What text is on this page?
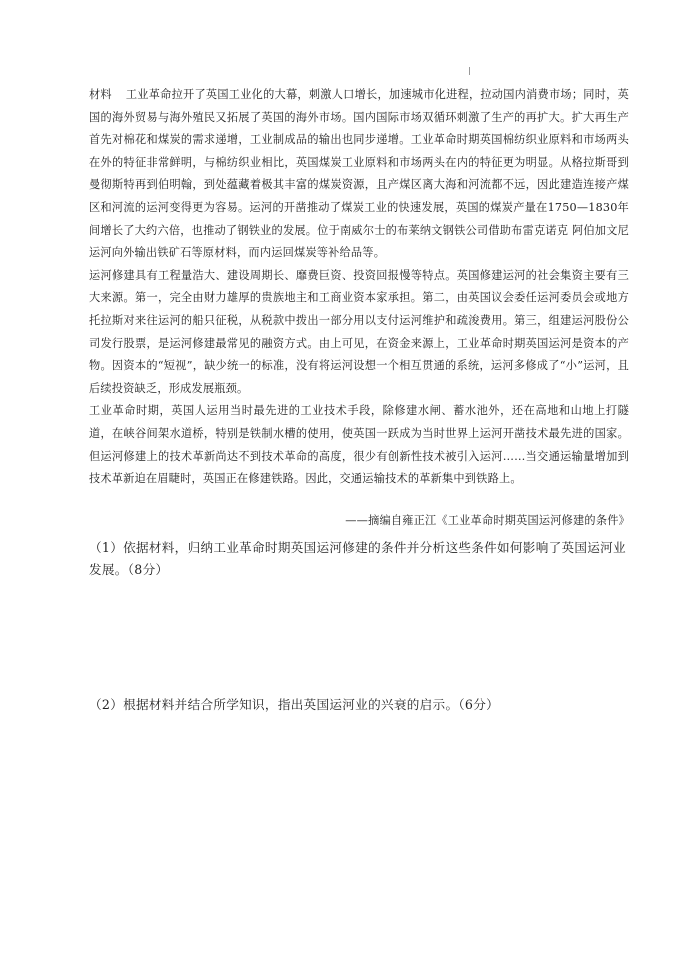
材料 工业革命拉开了英国工业化的大幕，刺激人口增长，加速城市化进程，拉动国内消费市场；同时，英国的海外贸易与海外殖民又拓展了英国的海外市场。国内国际市场双循环刺激了生产的再扩大。扩大再生产首先对棉花和煤炭的需求递增，工业制成品的输出也同步递增。工业革命时期英国棉纺织业原料和市场两头在外的特征非常鲜明，与棉纺织业相比，英国煤炭工业原料和市场两头在内的特征更为明显。从格拉斯哥到曼彻斯特再到伯明翰，到处蕴藏着极其丰富的煤炭资源，且产煤区离大海和河流都不远，因此建造连接产煤区和河流的运河变得更为容易。运河的开凿推动了煤炭工业的快速发展，英国的煤炭产量在1750—1830年间增长了大约六倍，也推动了钢铁业的发展。位于南威尔士的布莱纳文钢铁公司借助布雷克诺克 阿伯加文尼运河向外输出铁矿石等原材料，而内运回煤炭等补给品等。

运河修建具有工程量浩大、建设周期长、靡费巨资、投资回报慢等特点。英国修建运河的社会集资主要有三大来源。第一，完全由财力雄厚的贵族地主和工商业资本家承担。第二，由英国议会委任运河委员会或地方托拉斯对来往运河的船只征税，从税款中拨出一部分用以支付运河维护和疏浚费用。第三，组建运河股份公司发行股票，是运河修建最常见的融资方式。由上可见，在资金来源上，工业革命时期英国运河是资本的产物。因资本的“短视”，缺少统一的标准，没有将运河设想一个相互贯通的系统，运河多修成了“小”运河，且后续投资缺乏，形成发展瓶颈。

工业革命时期，英国人运用当时最先进的工业技术手段，除修建水闸、蓄水池外，还在高地和山地上打隧道，在峡谷间架水道桥，特别是铁制水槽的使用，使英国一跃成为当时世界上运河开凿技术最先进的国家。但运河修建上的技术革新尚达不到技术革命的高度，很少有创新性技术被引入运河……当交通运输量增加到技术革新迫在眉睫时，英国正在修建铁路。因此，交通运输技术的革新集中到铁路上。

——摘编自雍正江《工业革命时期英国运河修建的条件》
（1）依据材料，归纳工业革命时期英国运河修建的条件并分析这些条件如何影响了英国运河业发展。（8分）
（2）根据材料并结合所学知识，指出英国运河业的兴衰的启示。（6分）
